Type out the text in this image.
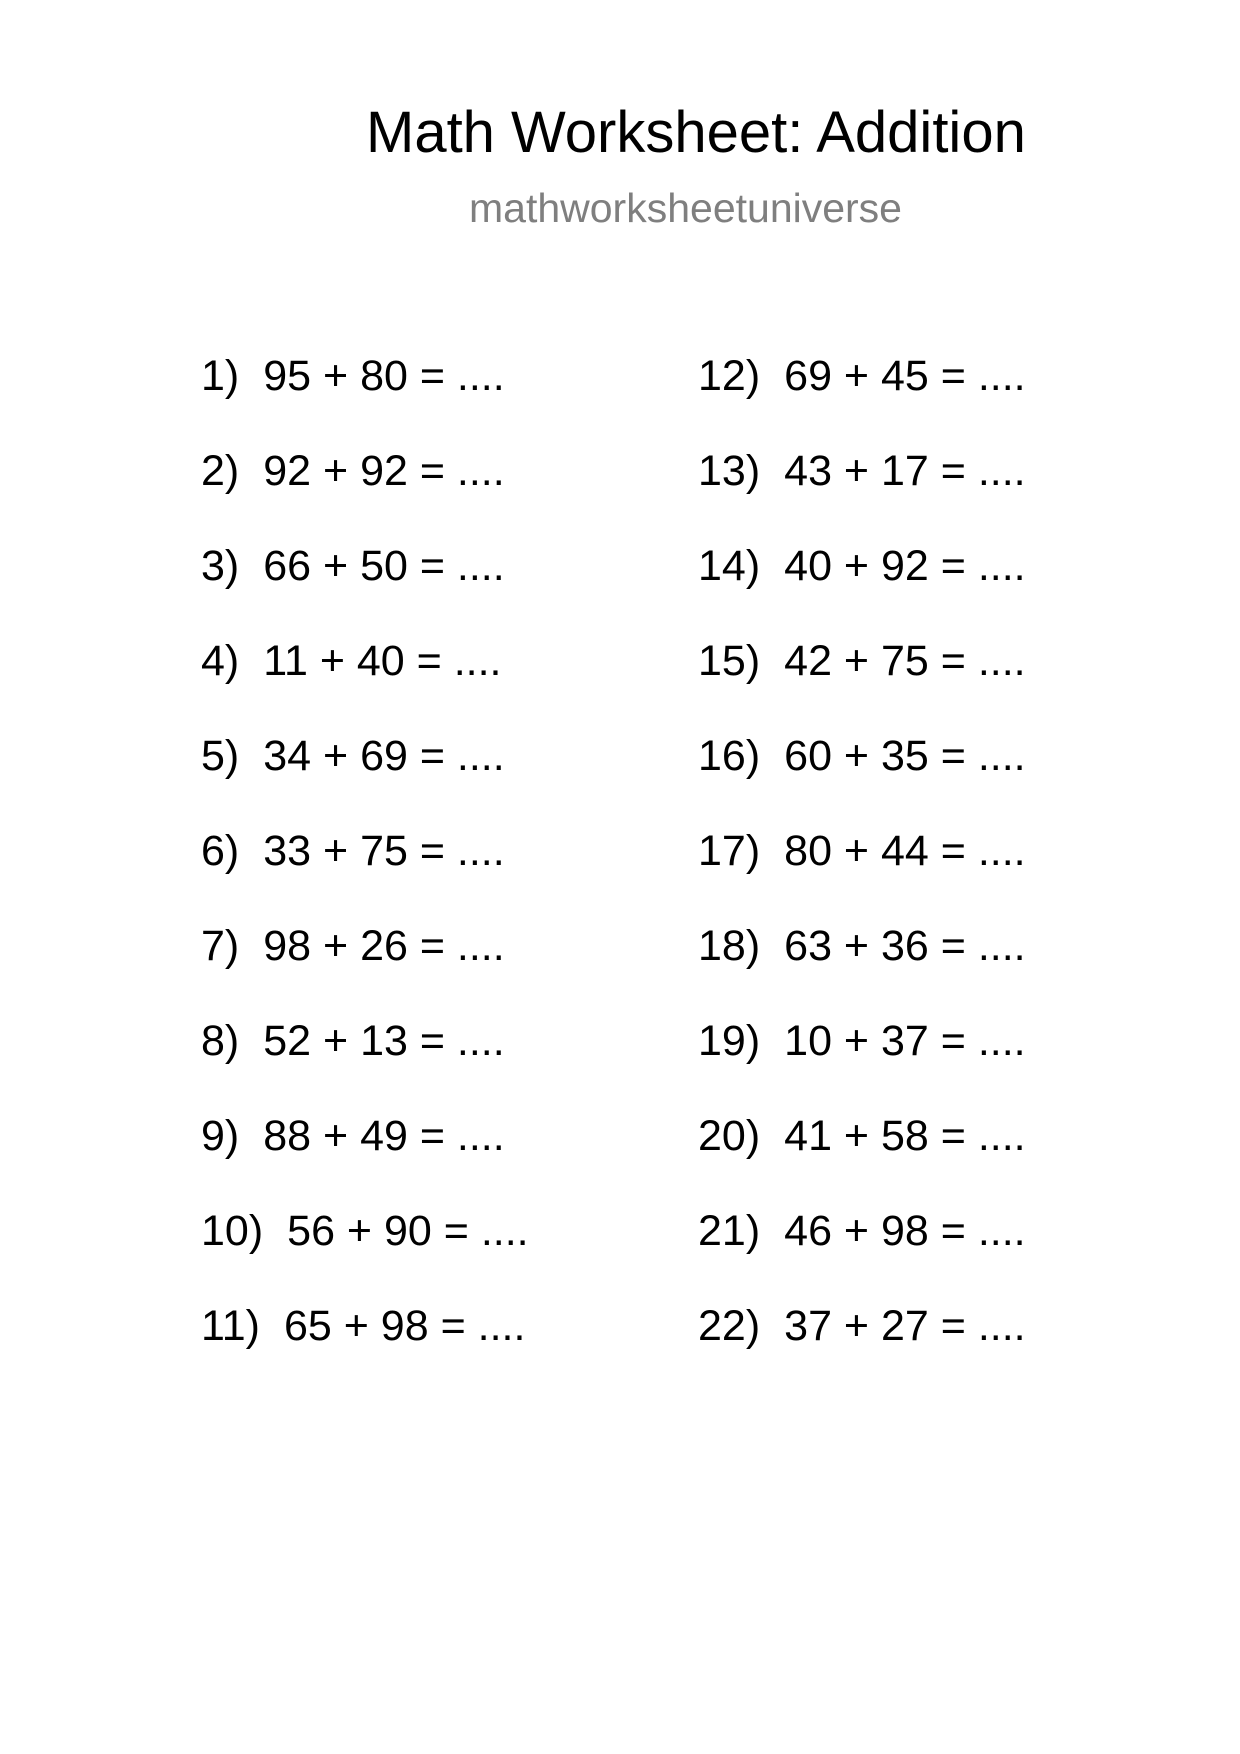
Math Worksheet: Addition
mathworksheetuniverse
1) 95 + 80 = ....
2) 92 + 92 = ....
3) 66 + 50 = ....
4) 11 + 40 = ....
5) 34 + 69 = ....
6) 33 + 75 = ....
7) 98 + 26 = ....
8) 52 + 13 = ....
9) 88 + 49 = ....
10) 56 + 90 = ....
11) 65 + 98 = ....
12) 69 + 45 = ....
13) 43 + 17 = ....
14) 40 + 92 = ....
15) 42 + 75 = ....
16) 60 + 35 = ....
17) 80 + 44 = ....
18) 63 + 36 = ....
19) 10 + 37 = ....
20) 41 + 58 = ....
21) 46 + 98 = ....
22) 37 + 27 = ....
